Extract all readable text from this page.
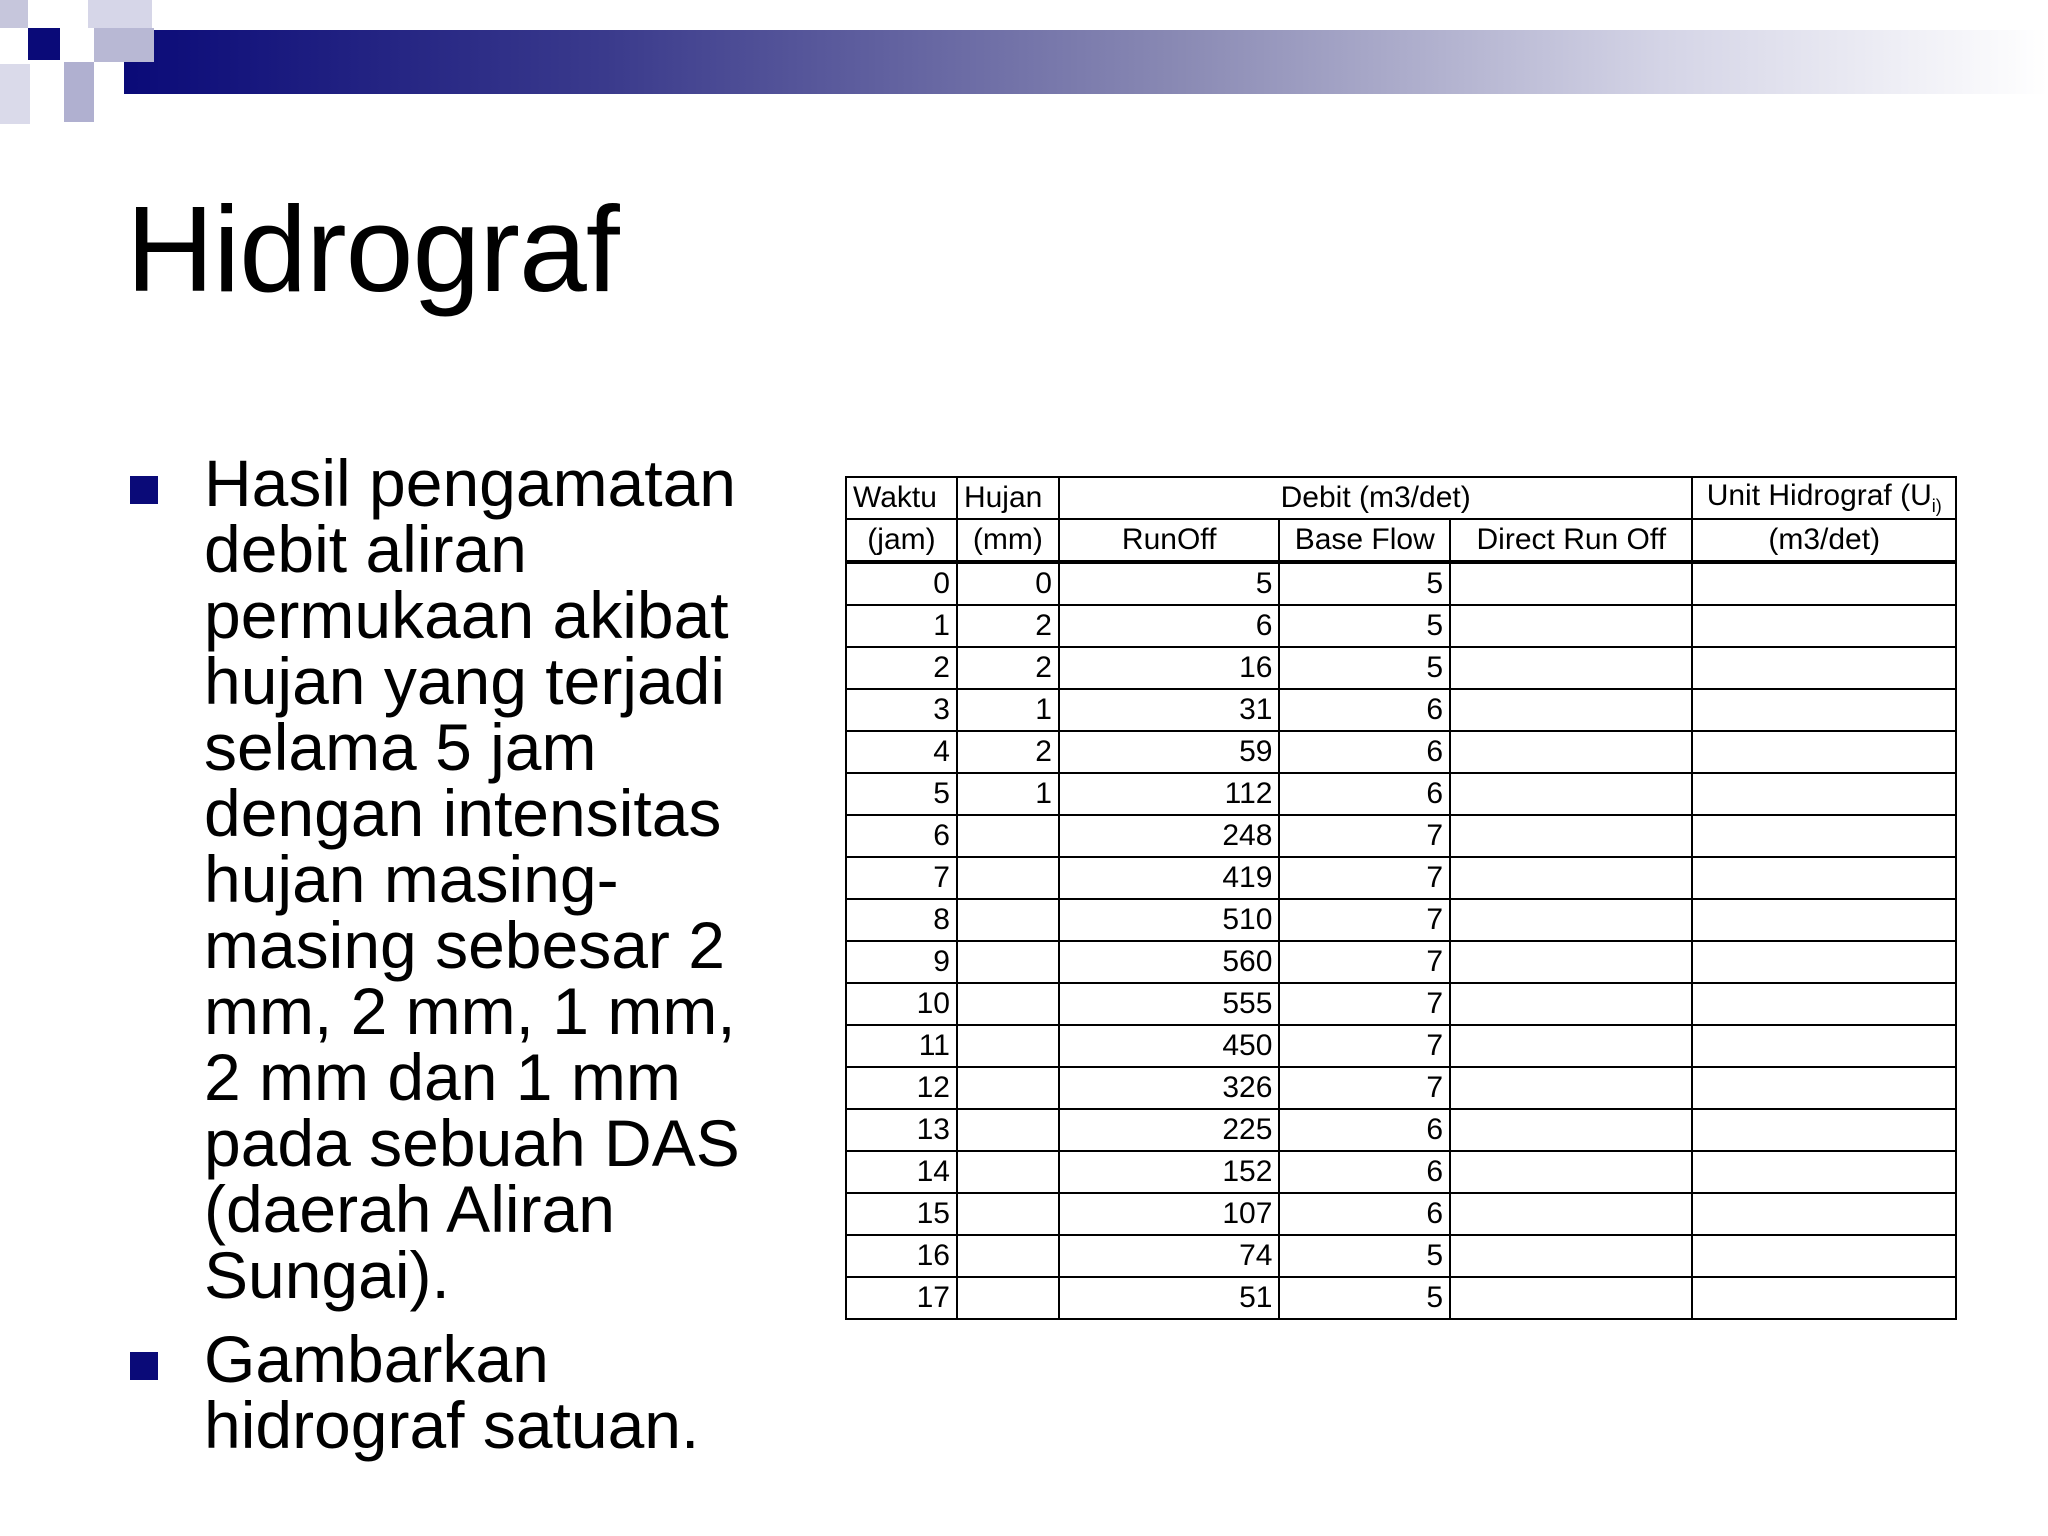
Hidrograf
Hasil pengamatan debit aliran permukaan akibat hujan yang terjadi selama 5 jam dengan intensitas hujan masing-masing sebesar 2 mm, 2 mm, 1 mm, 2 mm dan 1 mm pada sebuah DAS (daerah Aliran Sungai).
Gambarkan hidrograf satuan.
Waktu	Hujan	Debit (m3/det)			Unit Hidrograf ($U_{i)}$
(jam)	(mm)	RunOff	Base Flow	Direct Run Off	(m3/det)
0	0	5	5		
1	2	6	5		
2	2	16	5		
3	1	31	6		
4	2	59	6		
5	1	112	6		
6		248	7		
7		419	7		
8		510	7		
9		560	7		
10		555	7		
11		450	7		
12		326	7		
13		225	6		
14		152	6		
15		107	6		
16		74	5		
17		51	5		
